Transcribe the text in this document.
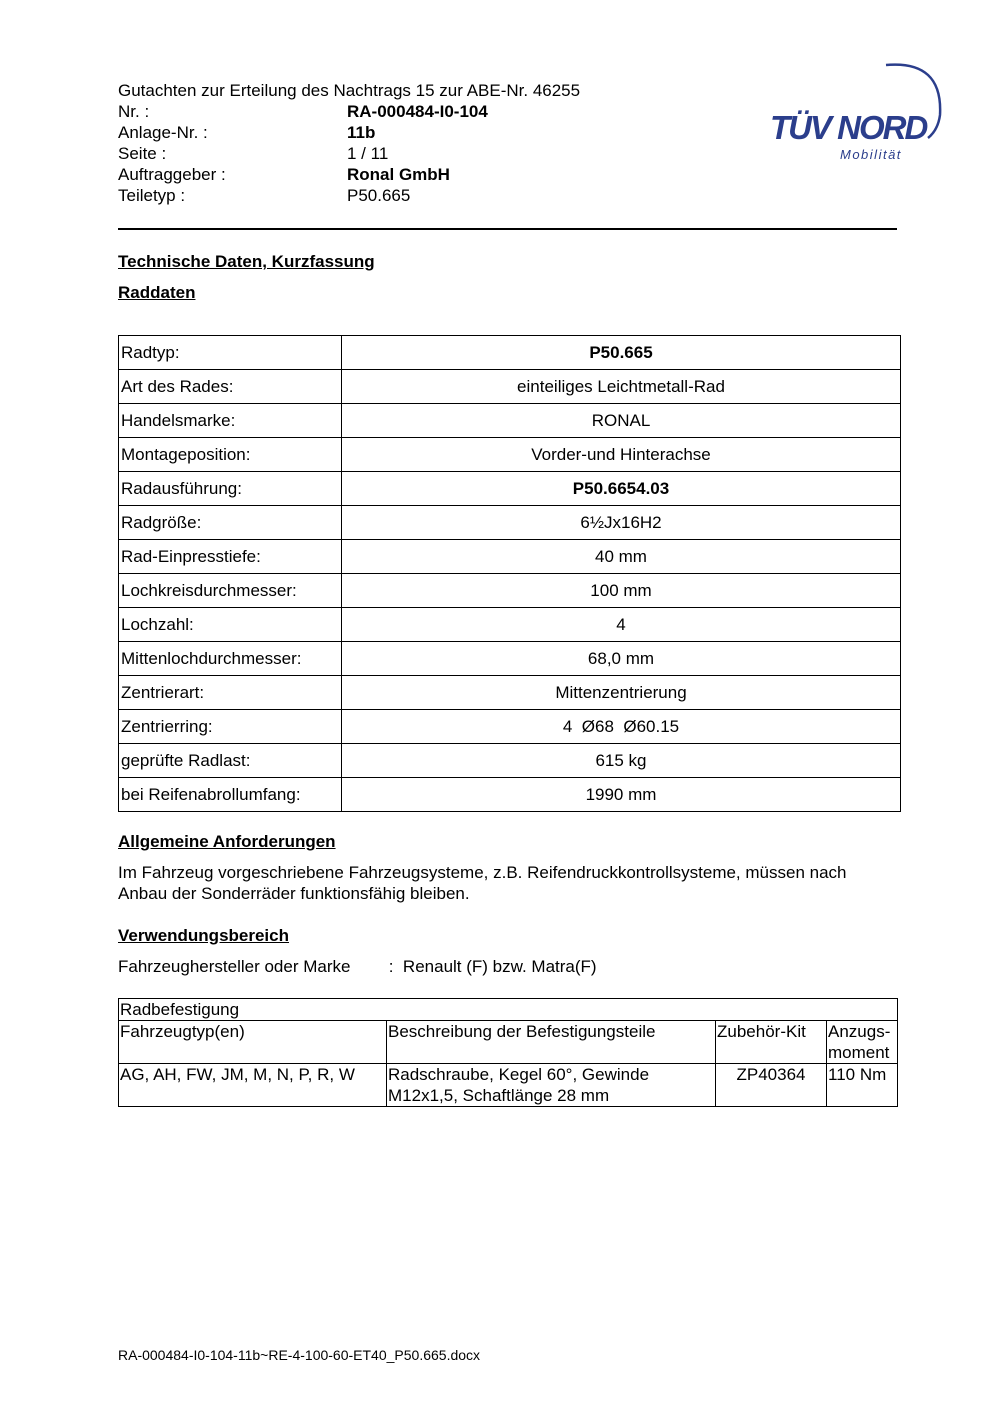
Gutachten zur Erteilung des Nachtrags 15 zur ABE-Nr. 46255
Nr. :	RA-000484-I0-104
Anlage-Nr. :	11b
Seite :	1 / 11
Auftraggeber :	Ronal GmbH
Teiletyp :	P50.665
TÜV NORD
Mobilität
Technische Daten, Kurzfassung
Raddaten
Radtyp:	P50.665
Art des Rades:	einteiliges Leichtmetall-Rad
Handelsmarke:	RONAL
Montageposition:	Vorder-und Hinterachse
Radausführung:	P50.6654.03
Radgröße:	6½Jx16H2
Rad-Einpresstiefe:	40 mm
Lochkreisdurchmesser:	100 mm
Lochzahl:	4
Mittenlochdurchmesser:	68,0 mm
Zentrierart:	Mittenzentrierung
Zentrierring:	4  Ø68  Ø60.15
geprüfte Radlast:	615 kg
bei Reifenabrollumfang:	1990 mm
Allgemeine Anforderungen
Im Fahrzeug vorgeschriebene Fahrzeugsysteme, z.B. Reifendruckkontrollsysteme, müssen nach Anbau der Sonderräder funktionsfähig bleiben.
Verwendungsbereich
Fahrzeughersteller oder Marke : Renault (F) bzw. Matra(F)
Radbefestigung			
Fahrzeugtyp(en)	Beschreibung der Befestigungsteile	Zubehör-Kit	Anzugs-moment
AG, AH, FW, JM, M, N, P, R, W	Radschraube, Kegel 60°, Gewinde M12x1,5, Schaftlänge 28 mm	ZP40364	110 Nm
RA-000484-I0-104-11b~RE-4-100-60-ET40_P50.665.docx
